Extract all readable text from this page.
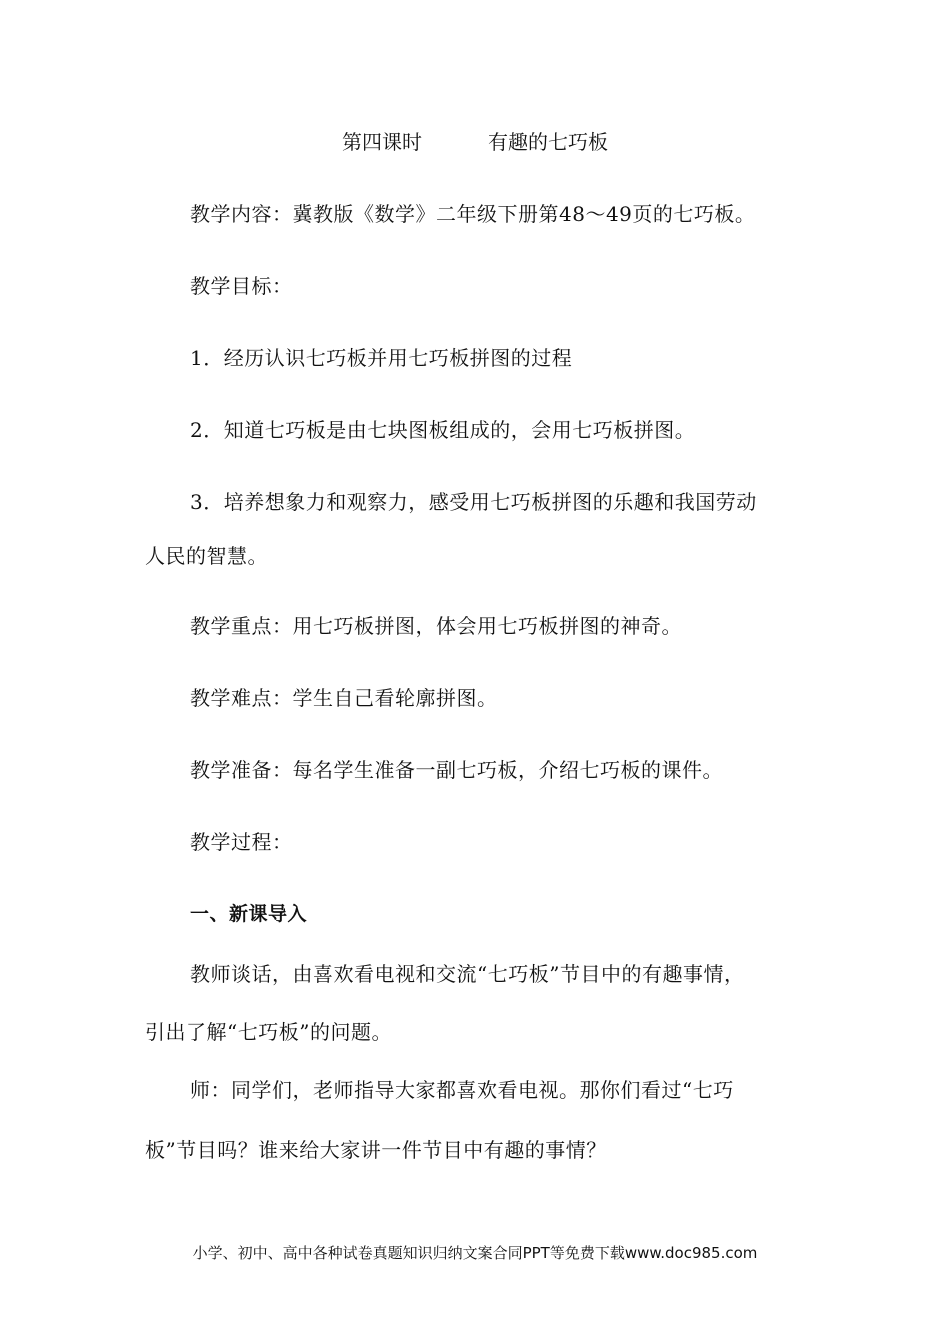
第四课时	有趣的七巧板
教学内容：冀教版《数学》二年级下册第48～49页的七巧板。
教学目标：
1．经历认识七巧板并用七巧板拼图的过程
2．知道七巧板是由七块图板组成的，会用七巧板拼图。
3．培养想象力和观察力，感受用七巧板拼图的乐趣和我国劳动
人民的智慧。
教学重点：用七巧板拼图，体会用七巧板拼图的神奇。
教学难点：学生自己看轮廓拼图。
教学准备：每名学生准备一副七巧板，介绍七巧板的课件。
教学过程：
一、新课导入
教师谈话，由喜欢看电视和交流“七巧板”节目中的有趣事情，
引出了解“七巧板”的问题。
师：同学们，老师指导大家都喜欢看电视。那你们看过“七巧
板”节目吗？谁来给大家讲一件节目中有趣的事情？
小学、初中、高中各种试卷真题知识归纳文案合同PPT等免费下载www.doc985.com
